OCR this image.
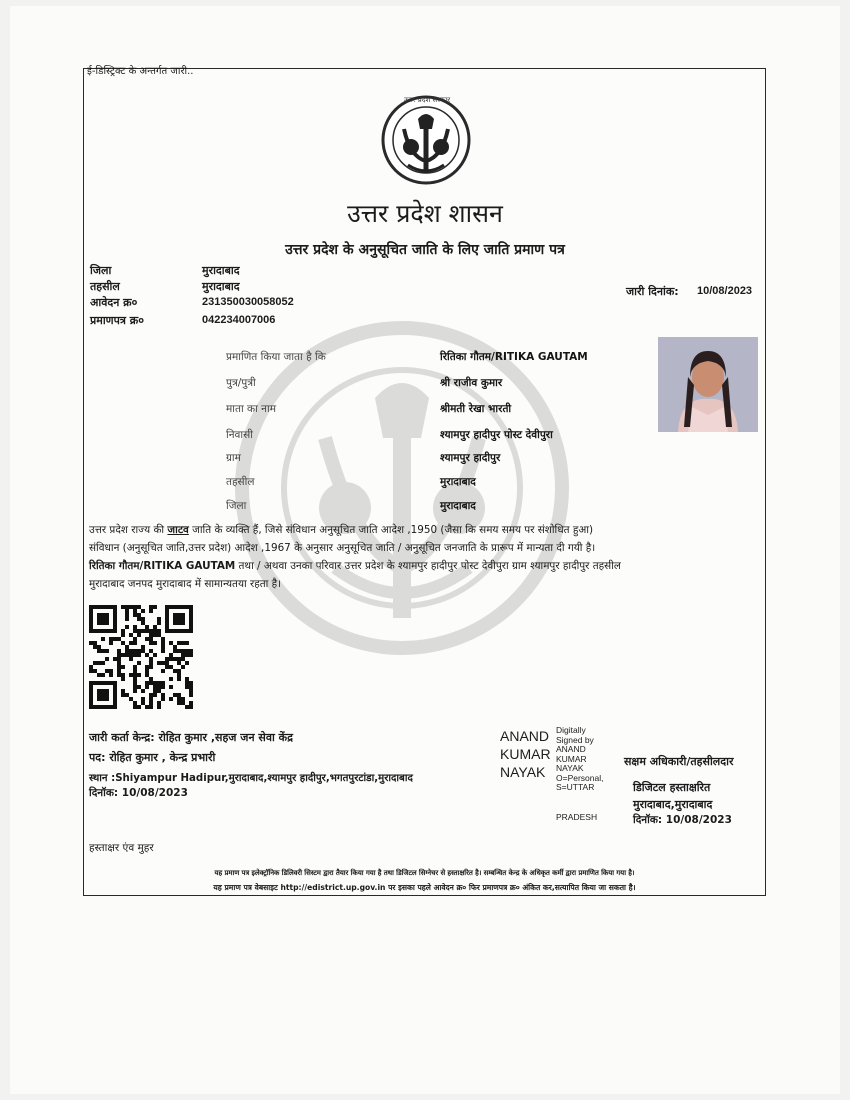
ई-डिस्ट्रिक्ट के अन्तर्गत जारी..
उत्तर प्रदेश सरकार
उत्तर प्रदेश शासन
उत्तर प्रदेश के अनुसूचित जाति के लिए जाति प्रमाण पत्र
जिला	मुरादाबाद
तहसील	मुरादाबाद
आवेदन क्र०	231350030058052
प्रमाणपत्र क्र०	042234007006
जारी दिनांक: 10/08/2023
प्रमाणित किया जाता है कि	रितिका गौतम/RITIKA GAUTAM
पुत्र/पुत्री	श्री राजीव कुमार
माता का नाम	श्रीमती रेखा भारती
निवासी	श्यामपुर हादीपुर पोस्ट देवीपुरा
ग्राम	श्यामपुर हादीपुर
तहसील	मुरादाबाद
जिला	मुरादाबाद
उत्तर प्रदेश राज्य की जाटव जाति के व्यक्ति हैं, जिसे संविधान अनुसूचित जाति आदेश ,1950 (जैसा कि समय समय पर संशोधित हुआ)
संविधान (अनुसूचित जाति,उत्तर प्रदेश) आदेश ,1967 के अनुसार अनुसूचित जाति / अनुसूचित जनजाति के प्रारूप में मान्यता दी गयी है।
रितिका गौतम/RITIKA GAUTAM तथा / अथवा उनका परिवार उत्तर प्रदेश के श्यामपुर हादीपुर पोस्ट देवीपुरा ग्राम श्यामपुर हादीपुर तहसील
मुरादाबाद जनपद मुरादाबाद में सामान्यतया रहता है।
जारी कर्ता केन्द्र: रोहित कुमार ,सहज जन सेवा केंद्र
पद: रोहित कुमार , केन्द्र प्रभारी
स्थान :Shiyampur Hadipur,मुरादाबाद,श्यामपुर हादीपुर,भगतपुरटांडा,मुरादाबाद
दिनॉक: 10/08/2023
ANAND
KUMAR
NAYAK
Digitally
Signed by
ANAND
KUMAR
NAYAK
O=Personal,
S=UTTAR
PRADESH
सक्षम अधिकारी/तहसीलदार
डिजिटल हस्ताक्षरित
मुरादाबाद,मुरादाबाद
दिनॉक: 10/08/2023
हस्ताक्षर एंव मुहर
यह प्रमाण पत्र इलेक्ट्रॉनिक डिलिवरी सिस्टम द्वारा तैयार किया गया है तथा डिजिटल सिग्नेचर से हस्ताक्षरित है। सम्बन्धित केन्द्र के अधिकृत कर्मी द्वारा प्रमाणित किया गया है।
यह प्रमाण पत्र वेबसाइट http://edistrict.up.gov.in पर इसका पहले आवेदन क्र० फिर प्रमाणपत्र क्र० अंकित कर,सत्यापित किया जा सकता है।
